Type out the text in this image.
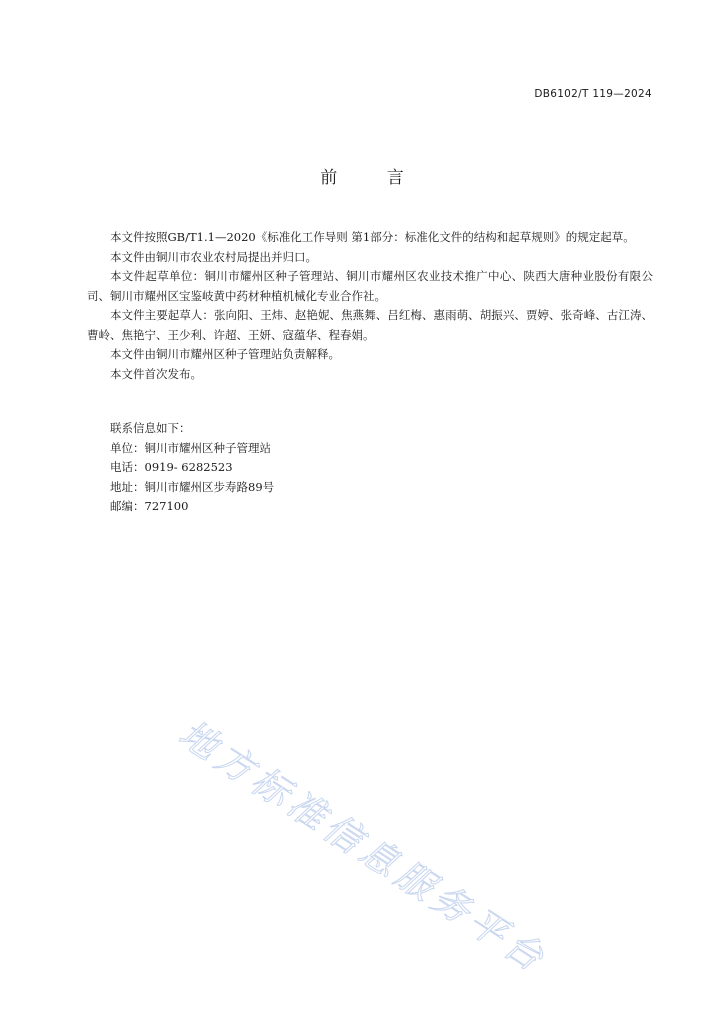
DB6102/T 119—2024
前 言

本文件按照GB/T1.1—2020《标准化工作导则 第1部分：标准化文件的结构和起草规则》的规定起草。

本文件由铜川市农业农村局提出并归口。

本文件起草单位：铜川市耀州区种子管理站、铜川市耀州区农业技术推广中心、陕西大唐种业股份有限公司、铜川市耀州区宝鉴岐黄中药材种植机械化专业合作社。

本文件主要起草人：张向阳、王炜、赵艳妮、焦燕舞、吕红梅、惠雨萌、胡振兴、贾婷、张奇峰、古江涛、曹岭、焦艳宁、王少利、许超、王妍、寇蕴华、程春娟。

本文件由铜川市耀州区种子管理站负责解释。

本文件首次发布。

联系信息如下：
单位：铜川市耀州区种子管理站
电话：0919- 6282523
地址：铜川市耀州区步寿路89号
邮编：727100
地方标准信息服务平台
